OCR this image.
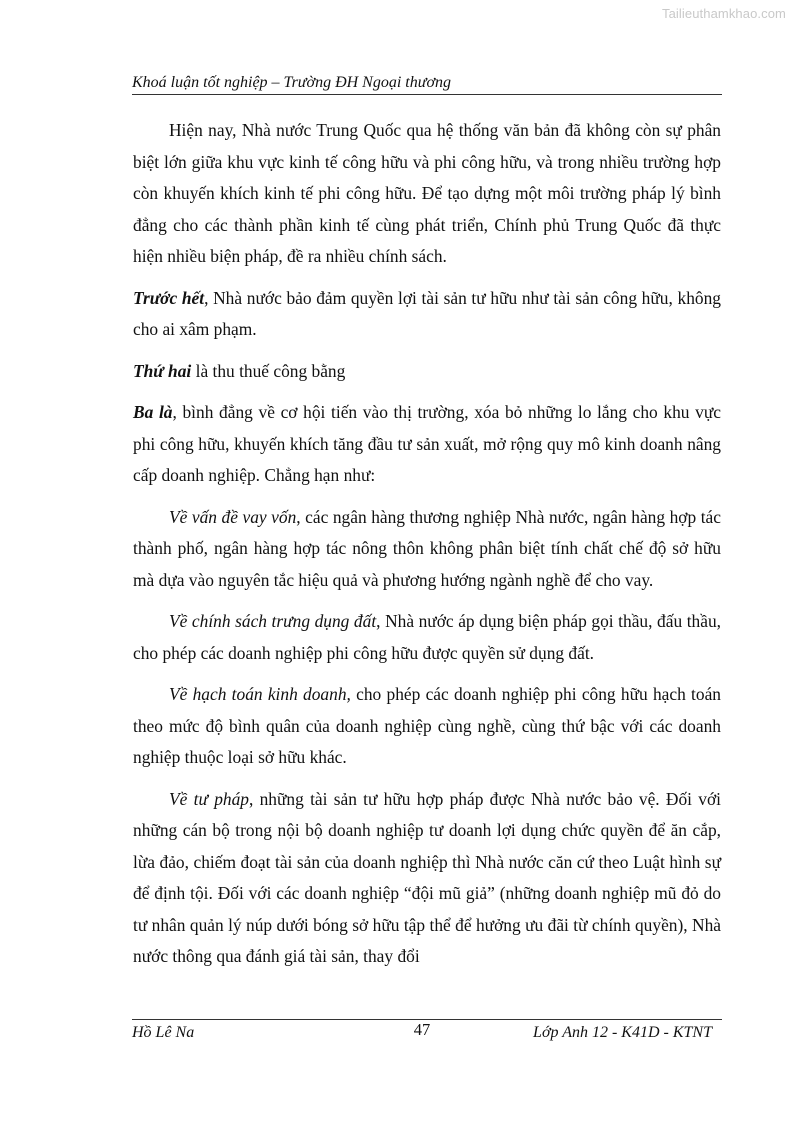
Tailieuthamkhao.com
Khoá luận tốt nghiệp – Trường ĐH Ngoại thương

Hiện nay, Nhà nước Trung Quốc qua hệ thống văn bản đã không còn sự phân biệt lớn giữa khu vực kinh tế công hữu và phi công hữu, và trong nhiều trường hợp còn khuyến khích kinh tế phi công hữu. Để tạo dựng một môi trường pháp lý bình đẳng cho các thành phần kinh tế cùng phát triển, Chính phủ Trung Quốc đã thực hiện nhiều biện pháp, đề ra nhiều chính sách.

Trước hết, Nhà nước bảo đảm quyền lợi tài sản tư hữu như tài sản công hữu, không cho ai xâm phạm.

Thứ hai là thu thuế công bằng

Ba là, bình đẳng về cơ hội tiến vào thị trường, xóa bỏ những lo lắng cho khu vực phi công hữu, khuyến khích tăng đầu tư sản xuất, mở rộng quy mô kinh doanh nâng cấp doanh nghiệp. Chẳng hạn như:

Về vấn đề vay vốn, các ngân hàng thương nghiệp Nhà nước, ngân hàng hợp tác thành phố, ngân hàng hợp tác nông thôn không phân biệt tính chất chế độ sở hữu mà dựa vào nguyên tắc hiệu quả và phương hướng ngành nghề để cho vay.

Về chính sách trưng dụng đất, Nhà nước áp dụng biện pháp gọi thầu, đấu thầu, cho phép các doanh nghiệp phi công hữu được quyền sử dụng đất.

Về hạch toán kinh doanh, cho phép các doanh nghiệp phi công hữu hạch toán theo mức độ bình quân của doanh nghiệp cùng nghề, cùng thứ bậc với các doanh nghiệp thuộc loại sở hữu khác.

Về tư pháp, những tài sản tư hữu hợp pháp được Nhà nước bảo vệ. Đối với những cán bộ trong nội bộ doanh nghiệp tư doanh lợi dụng chức quyền để ăn cắp, lừa đảo, chiếm đoạt tài sản của doanh nghiệp thì Nhà nước căn cứ theo Luật hình sự để định tội. Đối với các doanh nghiệp “đội mũ giả” (những doanh nghiệp mũ đỏ do tư nhân quản lý núp dưới bóng sở hữu tập thể để hưởng ưu đãi từ chính quyền), Nhà nước thông qua đánh giá tài sản, thay đổi

Hồ Lê Na	47	Lớp Anh 12 - K41D - KTNT
